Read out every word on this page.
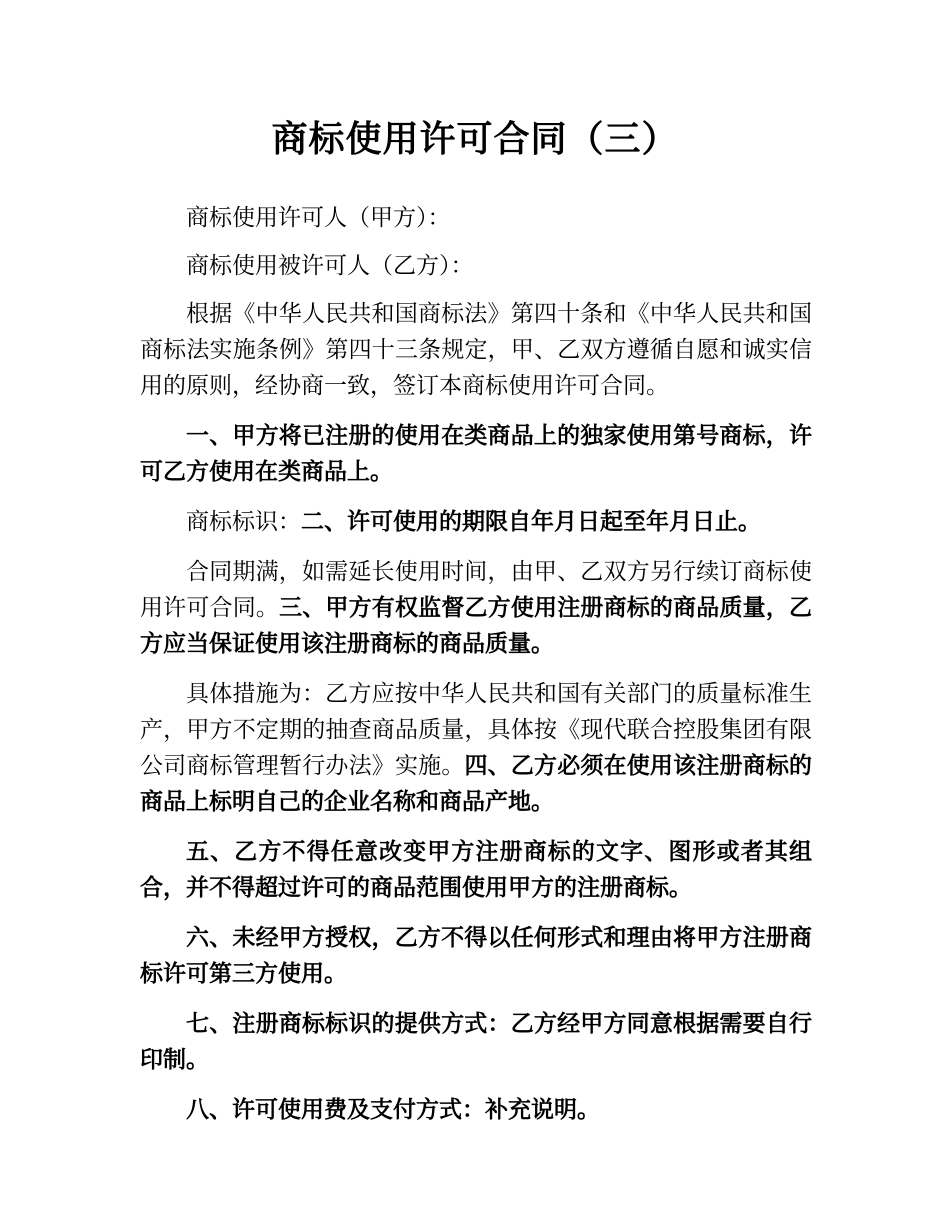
商标使用许可合同（三）

商标使用许可人（甲方）：

商标使用被许可人（乙方）：

根据《中华人民共和国商标法》第四十条和《中华人民共和国商标法实施条例》第四十三条规定，甲、乙双方遵循自愿和诚实信用的原则，经协商一致，签订本商标使用许可合同。

一、甲方将已注册的使用在类商品上的独家使用第号商标，许可乙方使用在类商品上。

商标标识：二、许可使用的期限自年月日起至年月日止。

合同期满，如需延长使用时间，由甲、乙双方另行续订商标使用许可合同。三、甲方有权监督乙方使用注册商标的商品质量，乙方应当保证使用该注册商标的商品质量。

具体措施为：乙方应按中华人民共和国有关部门的质量标准生产，甲方不定期的抽查商品质量，具体按《现代联合控股集团有限公司商标管理暂行办法》实施。四、乙方必须在使用该注册商标的商品上标明自己的企业名称和商品产地。

五、乙方不得任意改变甲方注册商标的文字、图形或者其组合，并不得超过许可的商品范围使用甲方的注册商标。

六、未经甲方授权，乙方不得以任何形式和理由将甲方注册商标许可第三方使用。

七、注册商标标识的提供方式：乙方经甲方同意根据需要自行印制。

八、许可使用费及支付方式：补充说明。
